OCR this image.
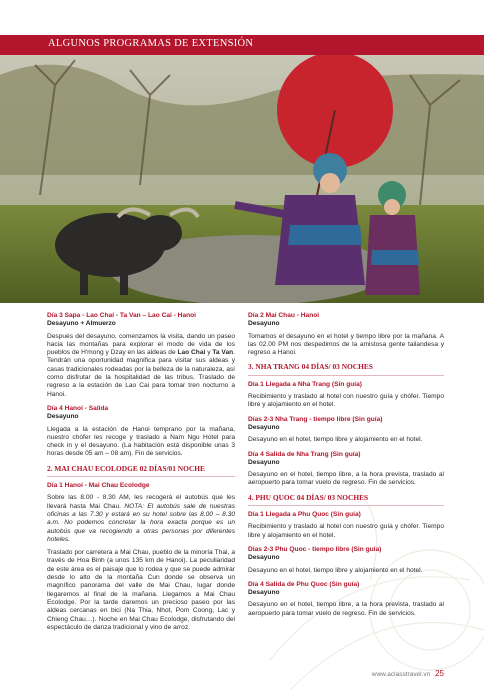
ALGUNOS PROGRAMAS DE EXTENSIÓN
Día 3 Sapa - Lao Chai - Ta Van – Lao Cai - Hanoi
Desayuno + Almuerzo

Después del desayuno, comenzamos la visita, dando un paseo hacia las montañas para explorar el modo de vida de los pueblos de H'mong y Dzay en las aldeas de Lao Chai y Ta Van. Tendrán una oportunidad magnífica para visitar sus aldeas y casas tradicionales rodeadas por la belleza de la naturaleza, así como disfrutar de la hospitalidad de las tribus. Traslado de regreso a la estación de Lao Cai para tomar tren nocturno a Hanoi.

Día 4 Hanoi - Salida
Desayuno

Llegada a la estación de Hanoi temprano por la mañana, nuestro chófer les recoge y traslado a Nam Ngu Hotel para check in y el desayuno. (La habitación está disponible unas 3 horas desde 05 am – 08 am). Fin de servicios.

2. MAI CHAU ECOLODGE 02 DÍAS/01 NOCHE
Día 1 Hanoi - Mai Chau Ecolodge

Sobre las 8.00 - 8.30 AM, les recogerá el autobús que les llevará hasta Mai Chau. NOTA: El autobús sale de nuestras oficinas a las 7.30 y estará en su hotel sobre las 8.00 – 8.30 a.m. No podemos concretar la hora exacta porque es un autobús que va recogiendo a otras personas por diferentes hoteles.

Traslado por carretera a Mai Chau, pueblo de la minoría Thai, a través de Hoa Binh (a unos 135 km de Hanoi). La peculiaridad de este área es el paisaje que lo rodea y que se puede admirar desde lo alto de la montaña Cun donde se observa un magnífico panorama del valle de Mai Chau, lugar donde llegaremos al final de la mañana. Llegamos a Mai Chau Ecolodge. Por la tarde daremos un precioso paseo por las aldeas cercanas en bici (Na Thia, Nhot, Pom Coong, Lac y Chieng Chau…). Noche en Mai Chau Ecolodge, disfrutando del espectáculo de danza tradicional y vino de arroz.

Día 2 Mai Chau - Hanoi
Desayuno

Tomamos el desayuno en el hotel y tiempo libre por la mañana. A las 02.00 PM nos despedimos de la amistosa gente tailandesa y regreso a Hanoi.

3. NHA TRANG 04 DÍAS/ 03 NOCHES
Día 1 Llegada a Nha Trang (Sin guía)

Recibimiento y traslado al hotel con nuestro guía y chófer. Tiempo libre y alojamiento en el hotel.

Días 2-3 Nha Trang - tiempo libre (Sin guía)
Desayuno

Desayuno en el hotel, tiempo libre y alojamiento en el hotel.

Día 4 Salida de Nha Trang (Sin guía)
Desayuno

Desayuno en el hotel, tiempo libre, a la hora prevista, traslado al aeropuerto para tomar vuelo de regreso. Fin de servicios.

4. PHU QUOC 04 DÍAS/ 03 NOCHES
Día 1 Llegada a Phu Quoc (Sin guía)

Recibimiento y traslado al hotel con nuestro guía y chófer. Tiempo libre y alojamiento en el hotel.

Días 2-3 Phu Quoc - tiempo libre (Sin guía)
Desayuno

Desayuno en el hotel, tiempo libre y alojamiento en el hotel.

Día 4 Salida de Phu Quoc (Sin guía)
Desayuno

Desayuno en el hotel, tiempo libre, a la hora prevista, traslado al aeropuerto para tomar vuelo de regreso. Fin de servicios.

www.aclasstravel.vn 25
